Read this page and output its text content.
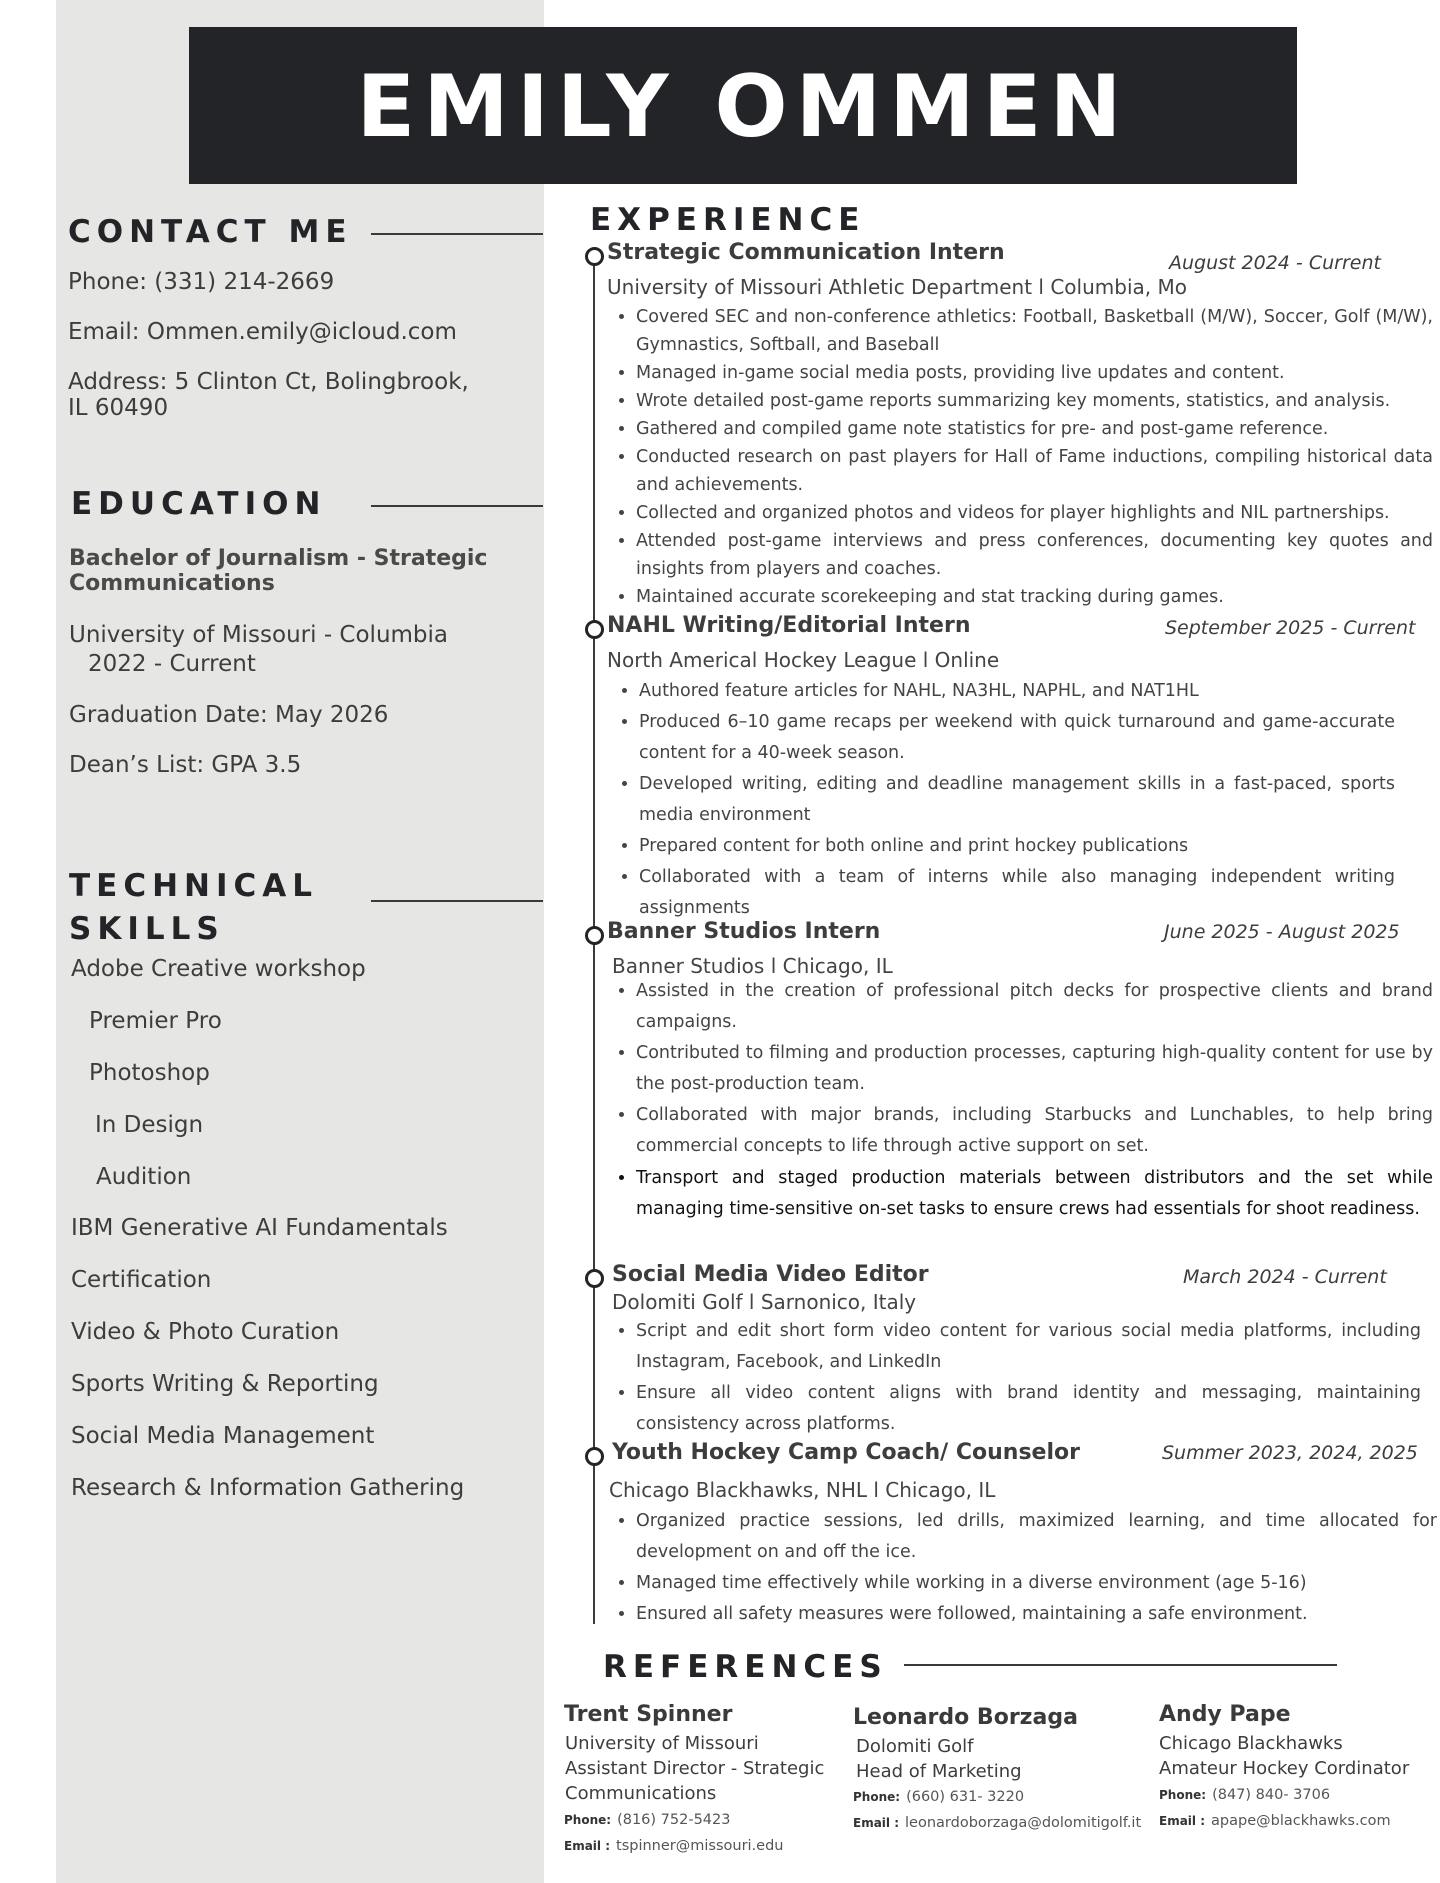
EMILY OMMEN
CONTACT ME

Phone: (331) 214-2669

Email: Ommen.emily@icloud.com

Address: 5 Clinton Ct, Bolingbrook, IL 60490

EDUCATION
Bachelor of Journalism - Strategic Communications

University of Missouri - Columbia

2022 - Current

Graduation Date: May 2026

Dean’s List: GPA 3.5

TECHNICAL
SKILLS
Adobe Creative workshop
Premier Pro
Photoshop
In Design
Audition
IBM Generative AI Fundamentals
Certification
Video & Photo Curation
Sports Writing & Reporting
Social Media Management
Research & Information Gathering
EXPERIENCE
Strategic Communication Intern	August 2024 - Current
University of Missouri Athletic Department l Columbia, Mo
• Covered SEC and non-conference athletics: Football, Basketball (M/W), Soccer, Golf (M/W), Gymnastics, Softball, and Baseball
• Managed in-game social media posts, providing live updates and content.
• Wrote detailed post-game reports summarizing key moments, statistics, and analysis.
• Gathered and compiled game note statistics for pre- and post-game reference.
• Conducted research on past players for Hall of Fame inductions, compiling historical data and achievements.
• Collected and organized photos and videos for player highlights and NIL partnerships.
• Attended post-game interviews and press conferences, documenting key quotes and insights from players and coaches.
• Maintained accurate scorekeeping and stat tracking during games.
NAHL Writing/Editorial Intern	September 2025 - Current
North Americal Hockey League l Online
• Authored feature articles for NAHL, NA3HL, NAPHL, and NAT1HL
• Produced 6–10 game recaps per weekend with quick turnaround and game-accurate content for a 40-week season.
• Developed writing, editing and deadline management skills in a fast-paced, sports media environment
• Prepared content for both online and print hockey publications
• Collaborated with a team of interns while also managing independent writing assignments
Banner Studios Intern	June 2025 - August 2025
Banner Studios l Chicago, IL
• Assisted in the creation of professional pitch decks for prospective clients and brand campaigns.
• Contributed to filming and production processes, capturing high-quality content for use by the post-production team.
• Collaborated with major brands, including Starbucks and Lunchables, to help bring commercial concepts to life through active support on set.
• Transport and staged production materials between distributors and the set while managing time-sensitive on-set tasks to ensure crews had essentials for shoot readiness.
Social Media Video Editor	March 2024 - Current
Dolomiti Golf l Sarnonico, Italy
• Script and edit short form video content for various social media platforms, including Instagram, Facebook, and LinkedIn
• Ensure all video content aligns with brand identity and messaging, maintaining consistency across platforms.
Youth Hockey Camp Coach/ Counselor	Summer 2023, 2024, 2025
Chicago Blackhawks, NHL l Chicago, IL
• Organized practice sessions, led drills, maximized learning, and time allocated for development on and off the ice.
• Managed time effectively while working in a diverse environment (age 5-16)
• Ensured all safety measures were followed, maintaining a safe environment.
REFERENCES
Trent Spinner
University of Missouri
Assistant Director - Strategic
Communications
Phone: (816) 752-5423
Email : tspinner@missouri.edu
Leonardo Borzaga
Dolomiti Golf
Head of Marketing
Phone: (660) 631- 3220
Email : leonardoborzaga@dolomitigolf.it
Andy Pape
Chicago Blackhawks
Amateur Hockey Cordinator
Phone: (847) 840- 3706
Email : apape@blackhawks.com
